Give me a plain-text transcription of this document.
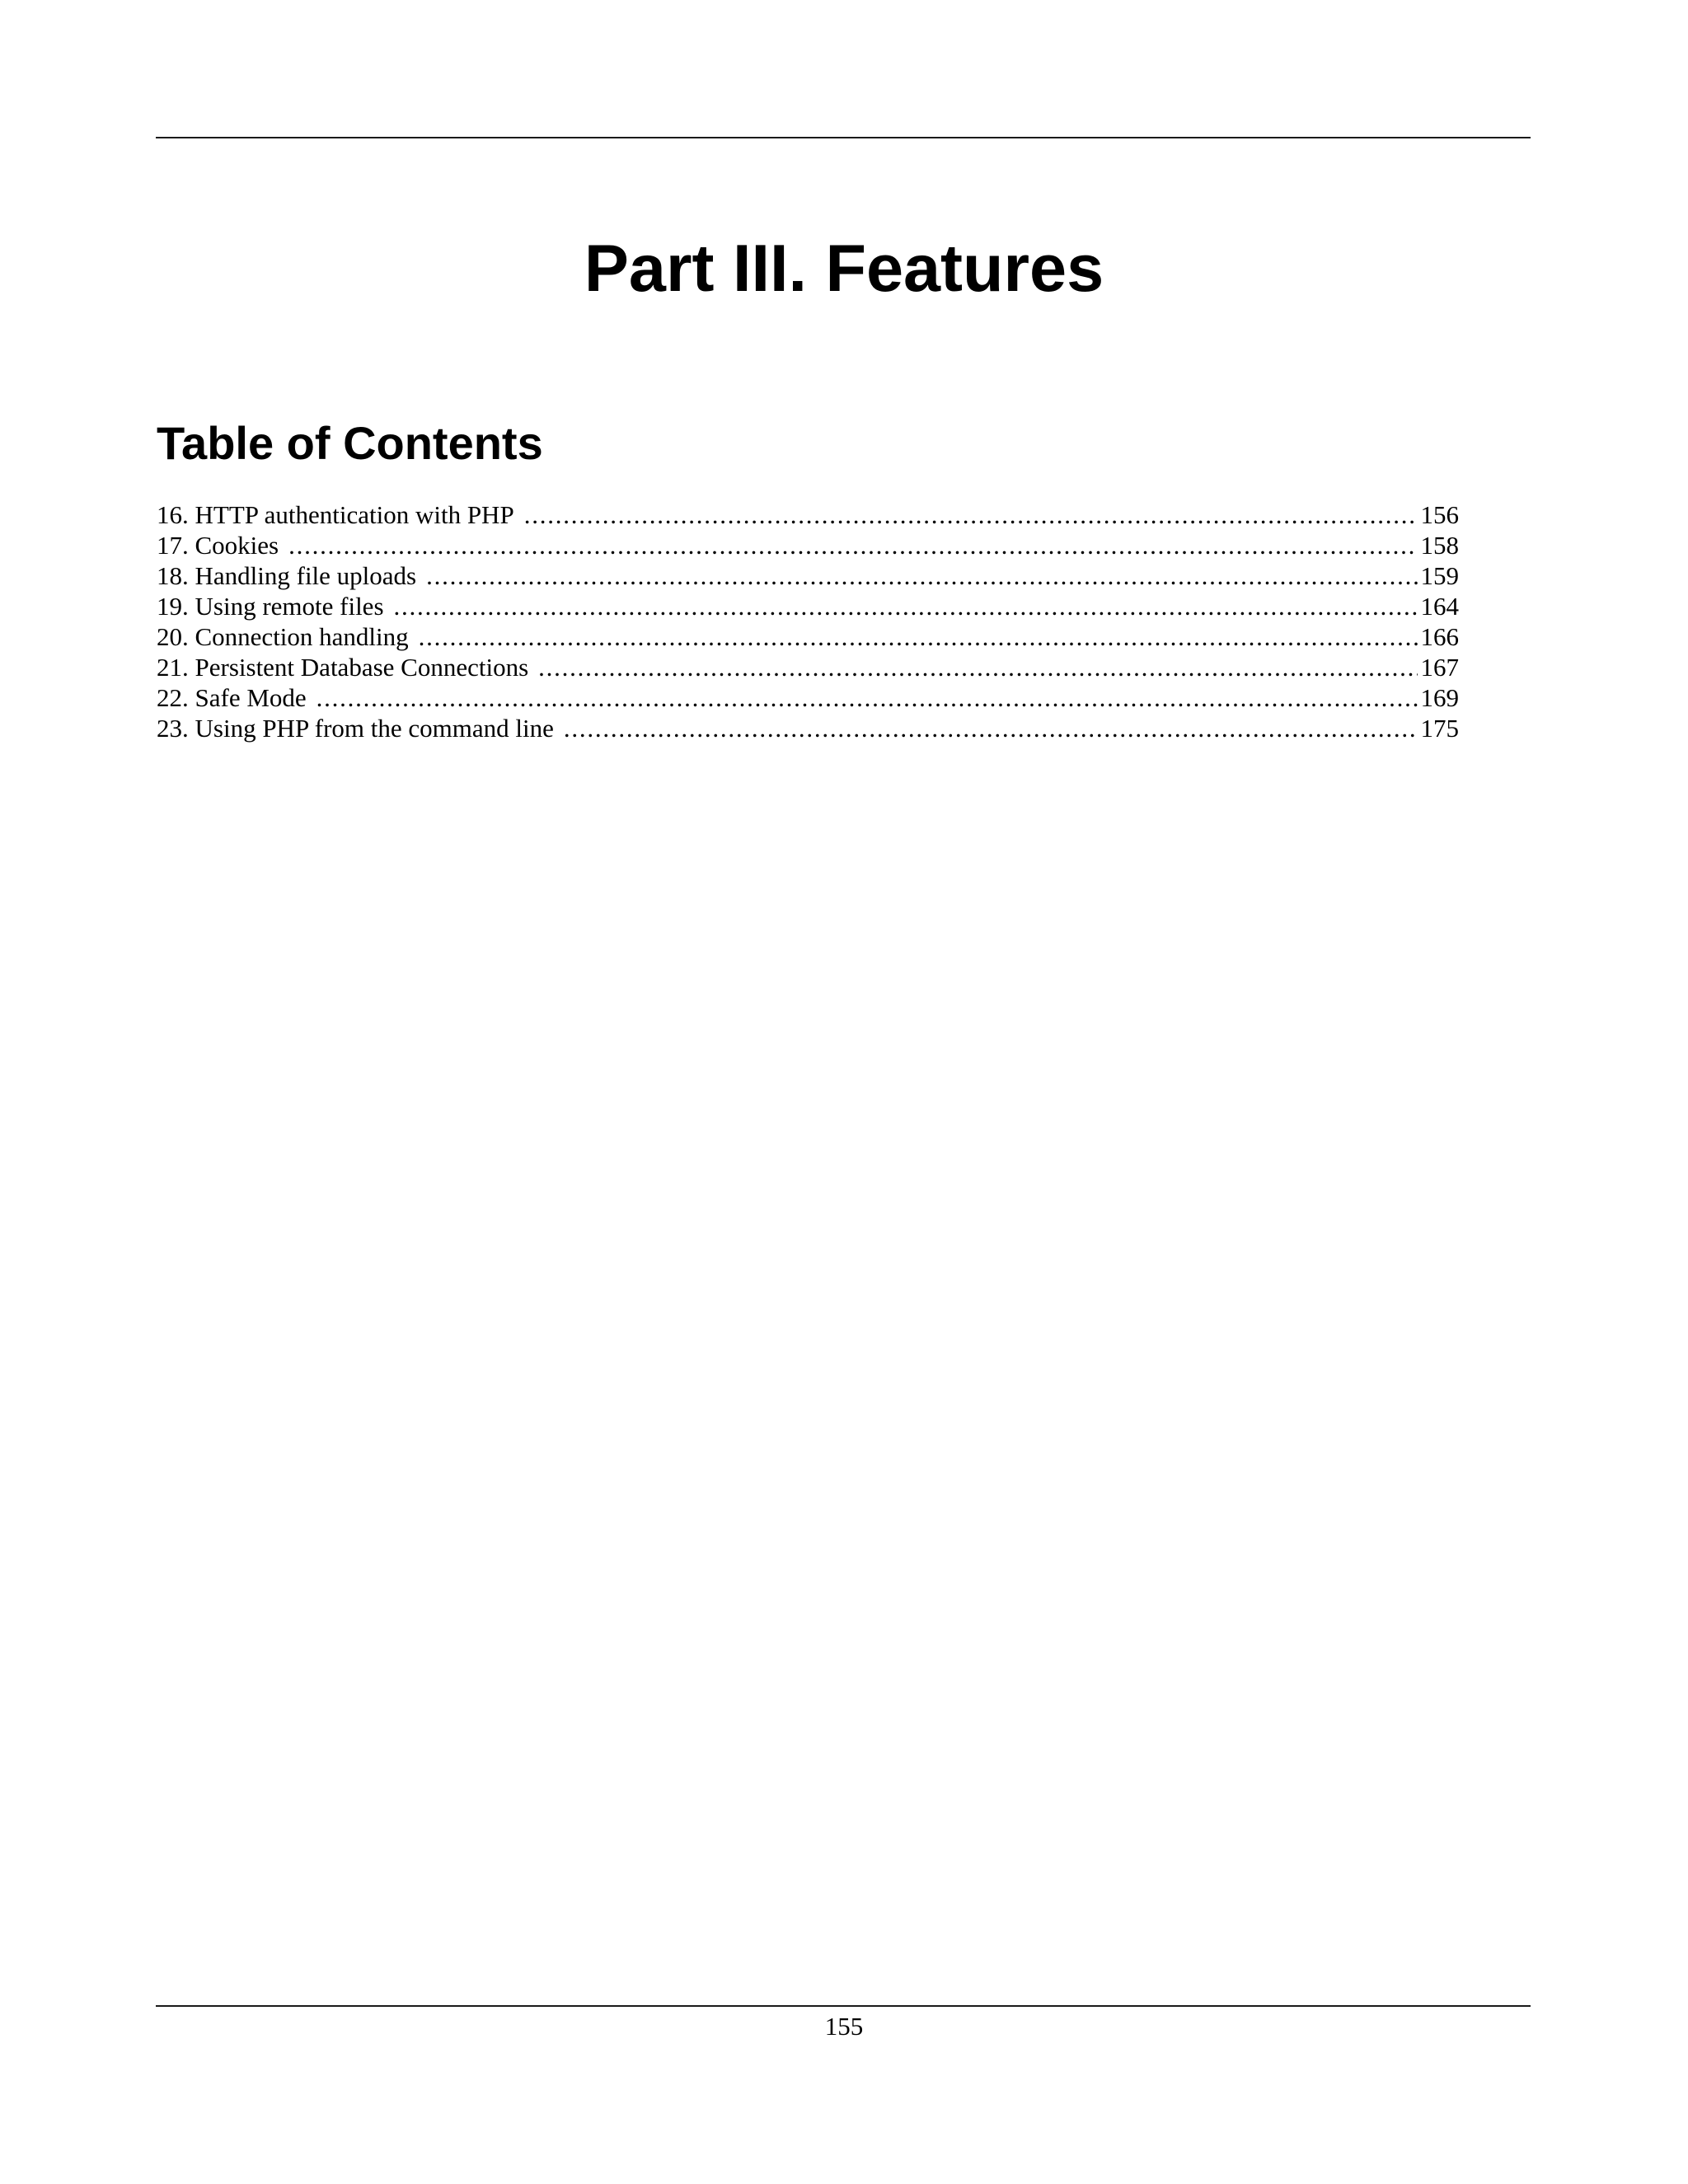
Part III. Features
Table of Contents
16. HTTP authentication with PHP . . .	156
17. Cookies . . .	158
18. Handling file uploads . . .	159
19. Using remote files . . .	164
20. Connection handling . . .	166
21. Persistent Database Connections . . .	167
22. Safe Mode . . .	169
23. Using PHP from the command line . . .	175
155
